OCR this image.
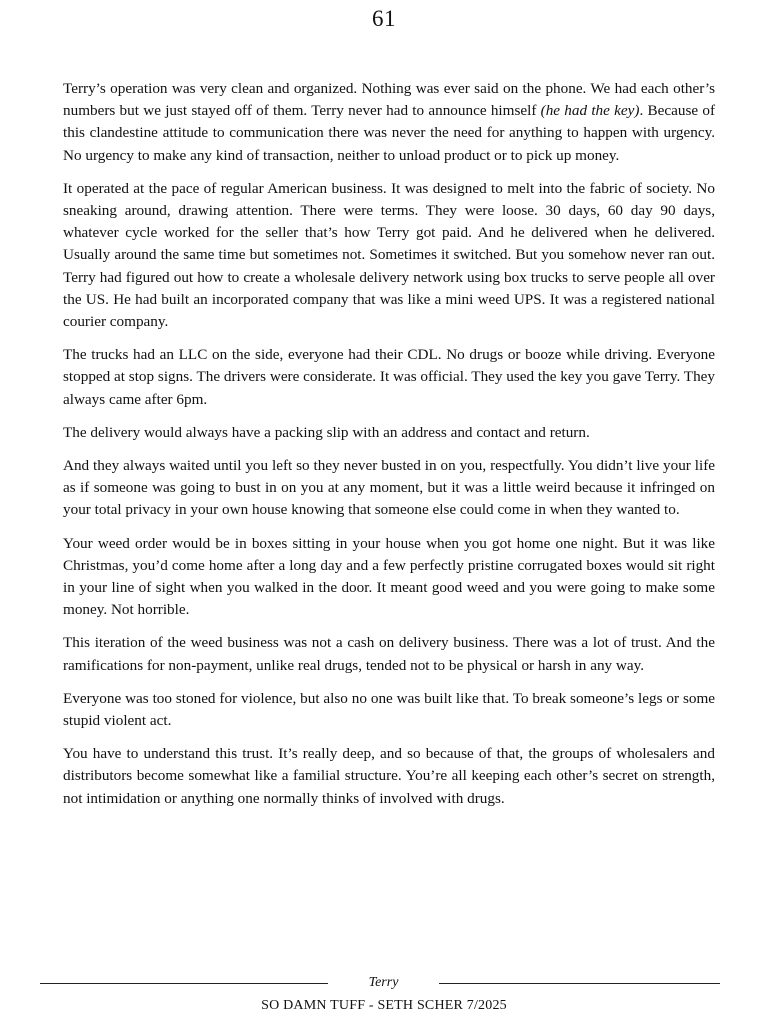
61

Terry’s operation was very clean and organized. Nothing was ever said on the phone. We had each other’s numbers but we just stayed off of them. Terry never had to announce himself (he had the key). Because of this clandestine attitude to communication there was never the need for anything to happen with urgency. No urgency to make any kind of transaction, neither to unload product or to pick up money.

It operated at the pace of regular American business. It was designed to melt into the fabric of society. No sneaking around, drawing attention. There were terms. They were loose. 30 days, 60 day 90 days, whatever cycle worked for the seller that’s how Terry got paid. And he delivered when he delivered. Usually around the same time but sometimes not. Sometimes it switched. But you somehow never ran out. Terry had figured out how to create a wholesale delivery network using box trucks to serve people all over the US. He had built an incorporated company that was like a mini weed UPS. It was a registered national courier company.

The trucks had an LLC on the side, everyone had their CDL. No drugs or booze while driving. Everyone stopped at stop signs. The drivers were considerate. It was official. They used the key you gave Terry. They always came after 6pm.

The delivery would always have a packing slip with an address and contact and return.

And they always waited until you left so they never busted in on you, respectfully. You didn’t live your life as if someone was going to bust in on you at any moment, but it was a little weird because it infringed on your total privacy in your own house knowing that someone else could come in when they wanted to.

Your weed order would be in boxes sitting in your house when you got home one night. But it was like Christmas, you’d come home after a long day and a few perfectly pristine corrugated boxes would sit right in your line of sight when you walked in the door. It meant good weed and you were going to make some money. Not horrible.

This iteration of the weed business was not a cash on delivery business. There was a lot of trust. And the ramifications for non-payment, unlike real drugs, tended not to be physical or harsh in any way.

Everyone was too stoned for violence, but also no one was built like that. To break someone’s legs or some stupid violent act.

You have to understand this trust. It’s really deep, and so because of that, the groups of wholesalers and distributors become somewhat like a familial structure. You’re all keeping each other’s secret on strength, not intimidation or anything one normally thinks of involved with drugs.

Terry
SO DAMN TUFF - SETH SCHER 7/2025
